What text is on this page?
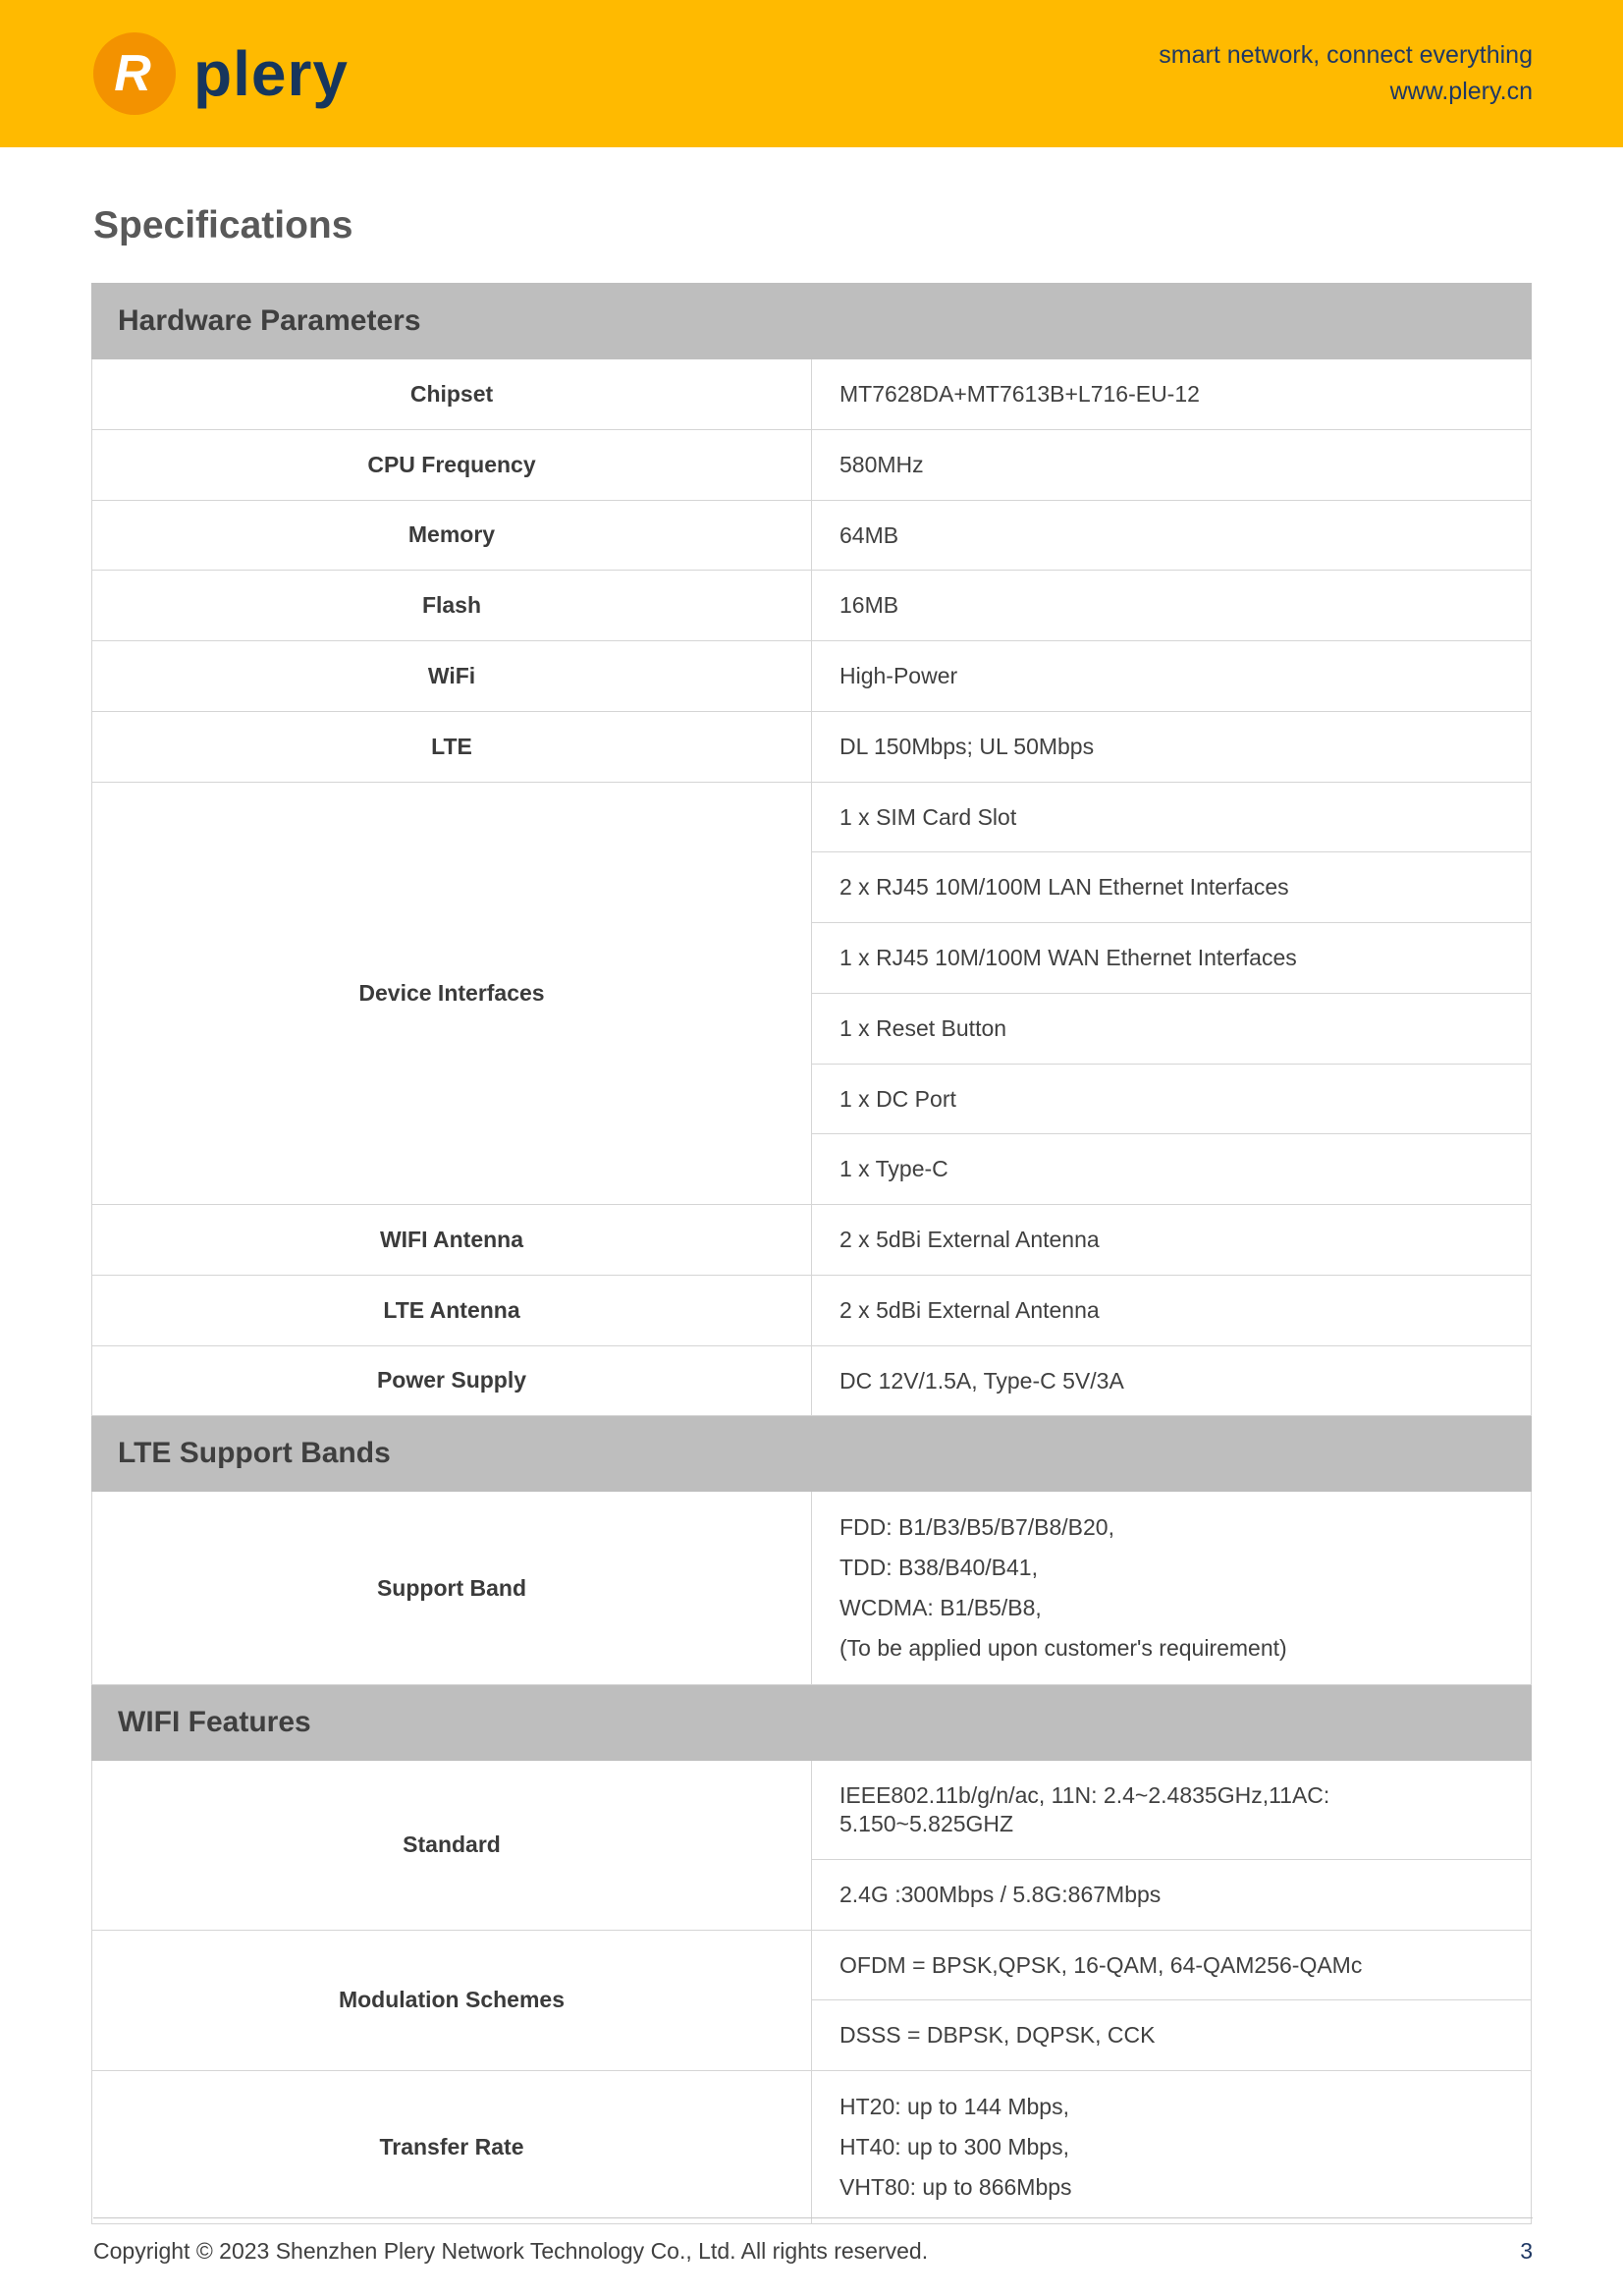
R plery	smart network, connect everything
www.plery.cn
Specifications
Hardware Parameters	
Chipset	MT7628DA+MT7613B+L716-EU-12

CPU Frequency	580MHz

Memory	64MB

Flash	16MB

WiFi	High-Power

LTE	DL 150Mbps; UL 50Mbps

Device Interfaces	1 x SIM Card Slot

	2 x RJ45 10M/100M LAN Ethernet Interfaces

	1 x RJ45 10M/100M WAN Ethernet Interfaces

	1 x Reset Button

	1 x DC Port

	1 x Type-C

WIFI Antenna	2 x 5dBi External Antenna

LTE Antenna	2 x 5dBi External Antenna

Power Supply	DC 12V/1.5A, Type-C 5V/3A

LTE Support Bands	
Support Band	FDD: B1/B3/B5/B7/B8/B20,
TDD: B38/B40/B41,
WCDMA: B1/B5/B8,
(To be applied upon customer's requirement)

WIFI Features	
Standard	IEEE802.11b/g/n/ac, 11N: 2.4~2.4835GHz,11AC: 5.150~5.825GHZ

	2.4G :300Mbps / 5.8G:867Mbps

Modulation Schemes	OFDM = BPSK,QPSK, 16-QAM, 64-QAM256-QAMc

	DSSS = DBPSK, DQPSK, CCK

Transfer Rate	HT20: up to 144 Mbps,
HT40: up to 300 Mbps,
VHT80: up to 866Mbps
Copyright © 2023 Shenzhen Plery Network Technology Co., Ltd. All rights reserved.	3
